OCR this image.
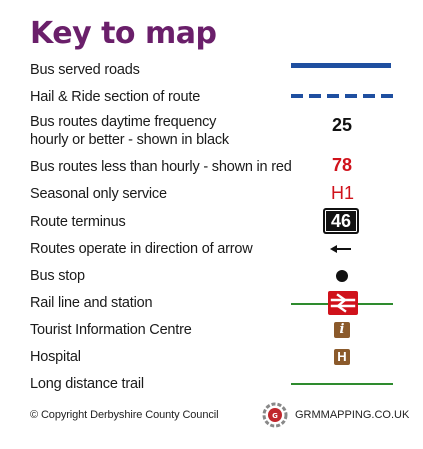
Key to map
Bus served roads
Hail & Ride section of route
Bus routes daytime frequency
hourly or better - shown in black
25
Bus routes less than hourly - shown in red 78
Seasonal only service	H1
Route terminus	46
Routes operate in direction of arrow
Bus stop
Rail line and station
Tourist Information Centre	i
Hospital	H
Long distance trail
© Copyright Derbyshire County Council	G GRMMAPPING.CO.UK
